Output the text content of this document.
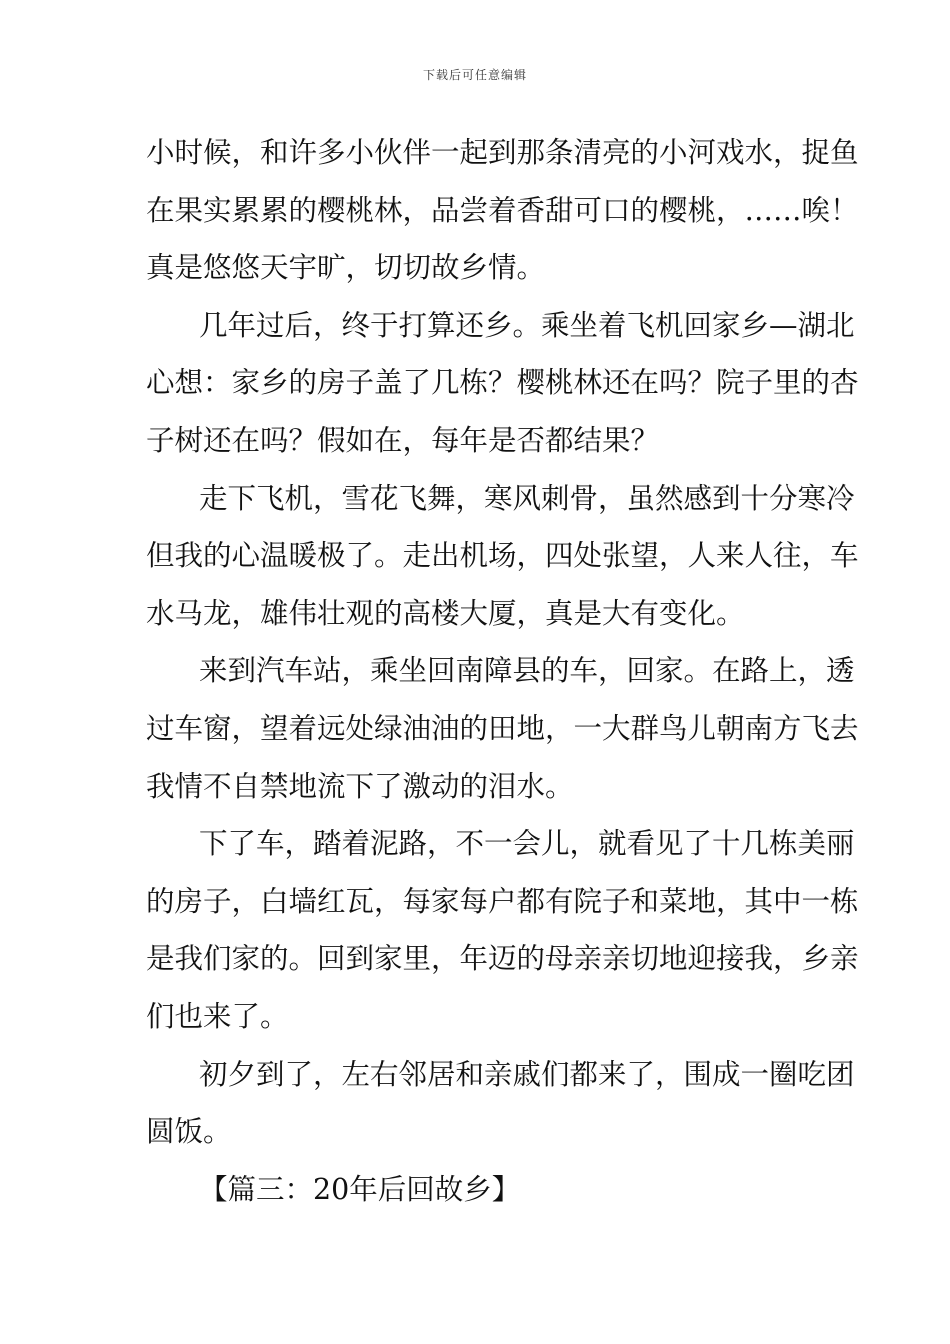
下载后可任意编辑
小时候，和许多小伙伴一起到那条清亮的小河戏水，捉鱼
在果实累累的樱桃林，品尝着香甜可口的樱桃，……唉！
真是悠悠天宇旷，切切故乡情。
几年过后，终于打算还乡。乘坐着飞机回家乡—湖北
心想：家乡的房子盖了几栋？樱桃林还在吗？院子里的杏
子树还在吗？假如在，每年是否都结果？
走下飞机，雪花飞舞，寒风刺骨，虽然感到十分寒冷
但我的心温暖极了。走出机场，四处张望，人来人往，车
水马龙，雄伟壮观的高楼大厦，真是大有变化。
来到汽车站，乘坐回南障县的车，回家。在路上，透
过车窗，望着远处绿油油的田地，一大群鸟儿朝南方飞去
我情不自禁地流下了激动的泪水。
下了车，踏着泥路，不一会儿，就看见了十几栋美丽
的房子，白墙红瓦，每家每户都有院子和菜地，其中一栋
是我们家的。回到家里，年迈的母亲亲切地迎接我，乡亲
们也来了。
初夕到了，左右邻居和亲戚们都来了，围成一圈吃团
圆饭。
【篇三：20年后回故乡】
